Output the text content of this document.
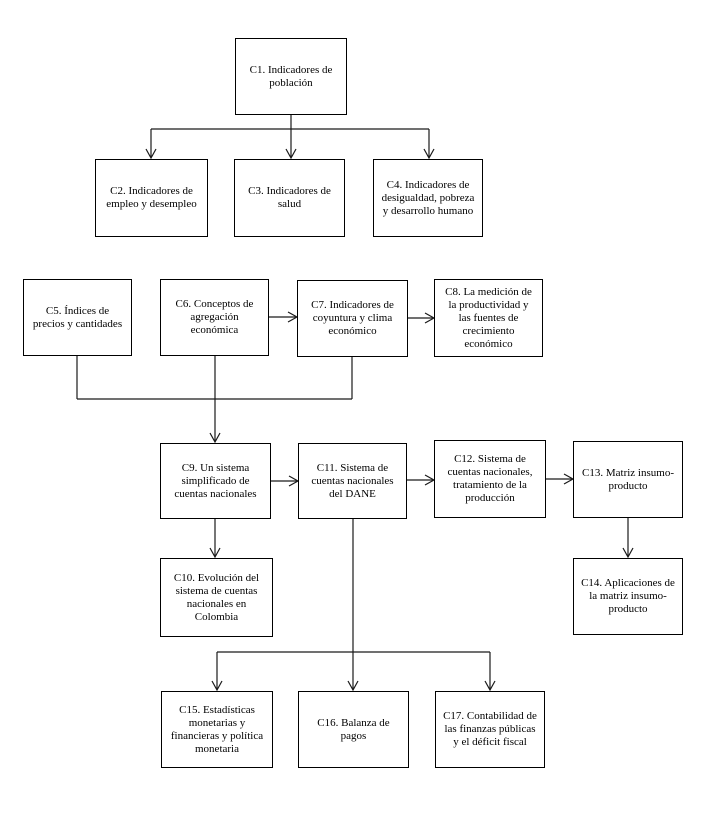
C1. Indicadores de población
C2. Indicadores de empleo y desempleo
C3. Indicadores de salud
C4. Indicadores de desigualdad, pobreza y desarrollo humano
C5. Índices de precios y cantidades
C6. Conceptos de agregación económica
C7. Indicadores de coyuntura y clima económico
C8. La medición de la productividad y las fuentes de crecimiento económico
C9. Un sistema simplificado de cuentas nacionales
C11. Sistema de cuentas nacionales del DANE
C12. Sistema de cuentas nacionales, tratamiento de la producción
C13. Matriz insumo-producto
C10. Evolución del sistema de cuentas nacionales en Colombia
C14. Aplicaciones de la matriz insumo-producto
C15. Estadísticas monetarias y financieras y política monetaria
C16. Balanza de pagos
C17. Contabilidad de las finanzas públicas y el déficit fiscal
